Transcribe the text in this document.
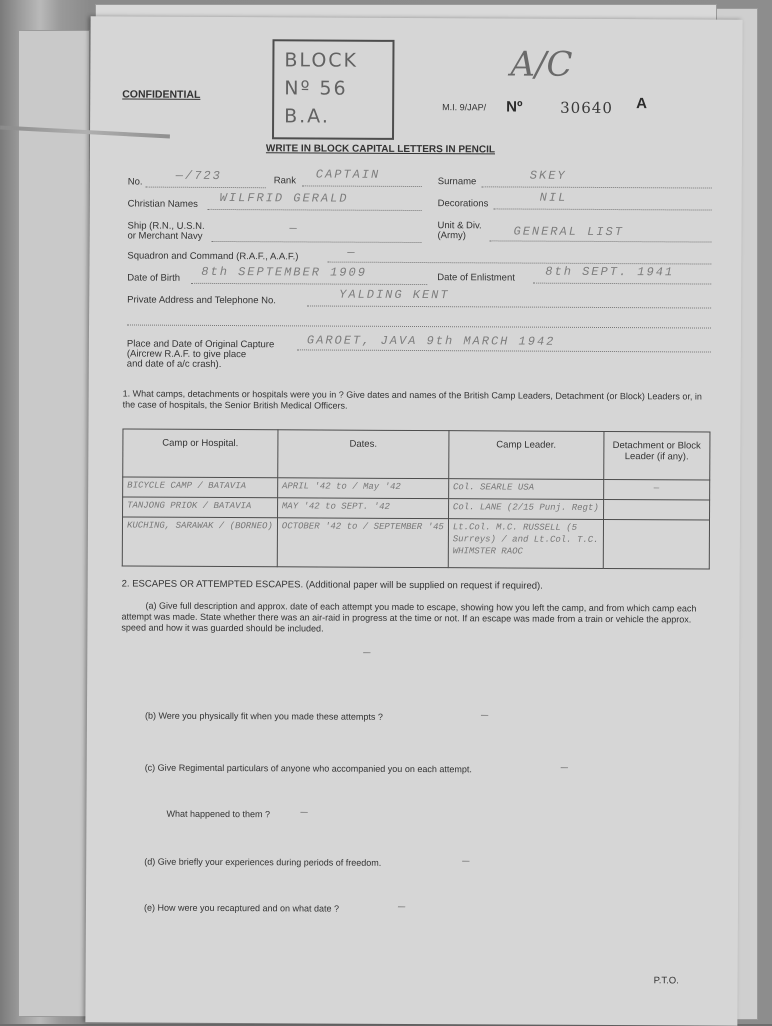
CONFIDENTIAL
BLOCK
Nº 56
B.A.
A/C
M.I. 9/JAP/ Nº	30640 A
WRITE IN BLOCK CAPITAL LETTERS IN PENCIL
No.	—/723	Rank CAPTAIN	Surname	SKEY
Christian Names WILFRID GERALD	Decorations	NIL
Ship (R.N., U.S.N.
or Merchant Navy
—	Unit & Div.
(Army)	GENERAL LIST
Squadron and Command (R.A.F., A.A.F.)	—
Date of Birth 8th SEPTEMBER 1909	Date of Enlistment	8th SEPT. 1941
Private Address and Telephone No.	YALDING KENT
Place and Date of Original Capture
(Aircrew R.A.F. to give place
and date of a/c crash).
GAROET, JAVA 9th MARCH 1942
1. What camps, detachments or hospitals were you in ? Give dates and names of the British Camp Leaders, Detachment (or Block) Leaders or, in the case of hospitals, the Senior British Medical Officers.
Camp or Hospital.	Dates.	Camp Leader.	Detachment or Block Leader (if any).
BICYCLE CAMP / BATAVIA	APRIL '42 to / May '42	Col. SEARLE USA	—
TANJONG PRIOK / BATAVIA	MAY '42 to SEPT. '42	Col. LANE (2/15 Punj. Regt)	
KUCHING, SARAWAK / (BORNEO)	OCTOBER '42 to / SEPTEMBER '45	Lt.Col. M.C. RUSSELL (5 Surreys) / and Lt.Col. T.C. WHIMSTER RAOC	
2. ESCAPES OR ATTEMPTED ESCAPES. (Additional paper will be supplied on request if required).
(a) Give full description and approx. date of each attempt you made to escape, showing how you left the camp, and from which camp each attempt was made. State whether there was an air-raid in progress at the time or not. If an escape was made from a train or vehicle the approx. speed and how it was guarded should be included.
—
(b) Were you physically fit when you made these attempts ?	—
(c) Give Regimental particulars of anyone who accompanied you on each attempt.	—
What happened to them ?	—
(d) Give briefly your experiences during periods of freedom.	—
(e) How were you recaptured and on what date ?	—
P.T.O.
